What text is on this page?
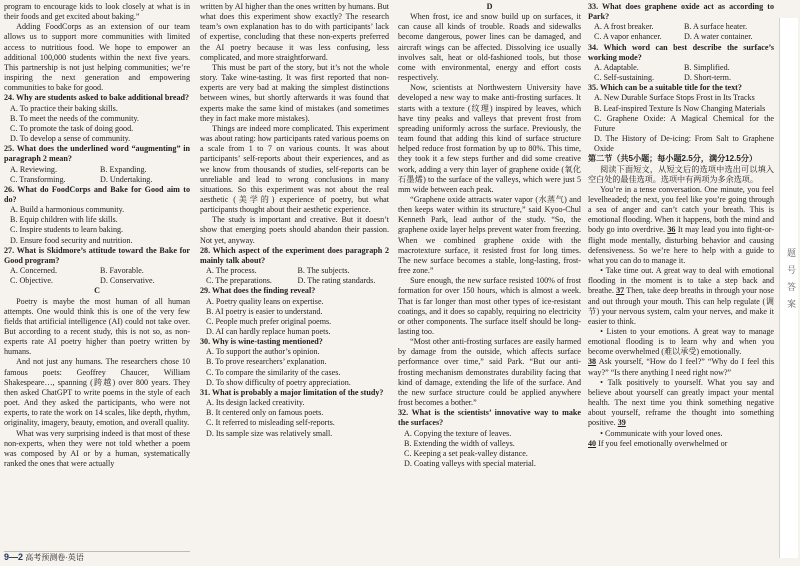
program to encourage kids to look closely at what is in their foods and get excited about baking.”

Adding FoodCorps as an extension of our team allows us to support more communities with limited access to nutritious food. We hope to empower an additional 100,000 students within the next five years. This partnership is not just helping communities; we’re inspiring the next generation and empowering communities to bake for good.

24. Why are students asked to bake additional bread?

A. To practice their baking skills.

B. To meet the needs of the community.

C. To promote the task of doing good.

D. To develop a sense of community.

25. What does the underlined word “augmenting” in paragraph 2 mean?

A. Reviewing.	B. Expanding.
C. Transforming.	D. Undertaking.

26. What do FoodCorps and Bake for Good aim to do?

A. Build a harmonious community.

B. Equip children with life skills.

C. Inspire students to learn baking.

D. Ensure food security and nutrition.

27. What is Skidmore’s attitude toward the Bake for Good program?

A. Concerned.	B. Favorable.
C. Objective.	D. Conservative.

C

Poetry is maybe the most human of all human attempts. One would think this is one of the very few fields that artificial intelligence (AI) could not take over. But according to a recent study, this is not so, as non-experts rate AI poetry higher than poetry written by humans.

And not just any humans. The researchers chose 10 famous poets: Geoffrey Chaucer, William Shakespeare…, spanning (跨越) over 800 years. They then asked ChatGPT to write poems in the style of each poet. And they asked the participants, who were not experts, to rate the work on 14 scales, like depth, rhythm, originality, imagery, beauty, emotion, and overall quality.

What was very surprising indeed is that most of these non-experts, when they were not told whether a poem was composed by AI or by a human, systematically ranked the ones that were actually

written by AI higher than the ones written by humans. But what does this experiment show exactly? The research team’s own explanation has to do with participants’ lack of expertise, concluding that these non-experts preferred the AI poetry because it was less confusing, less complicated, and more straightforward.

This must be part of the story, but it’s not the whole story. Take wine-tasting. It was first reported that non-experts are very bad at making the simplest distinctions between wines, but shortly afterwards it was found that experts make the same kind of mistakes (and sometimes they in fact make more mistakes).

Things are indeed more complicated. This experiment was about rating: how participants rated various poems on a scale from 1 to 7 on various counts. It was about participants’ self-reports about their experiences, and as we know from thousands of studies, self-reports can be unreliable and lead to wrong conclusions in many situations. So this experiment was not about the real aesthetic (美学的) experience of poetry, but what participants thought about their aesthetic experience.

The study is important and creative. But it doesn’t show that emerging poets should abandon their passion. Not yet, anyway.

28. Which aspect of the experiment does paragraph 2 mainly talk about?

A. The process.	B. The subjects.
C. The preparations.	D. The rating standards.

29. What does the finding reveal?

A. Poetry quality leans on expertise.

B. AI poetry is easier to understand.

C. People much prefer original poems.

D. AI can hardly replace human poets.

30. Why is wine-tasting mentioned?

A. To support the author’s opinion.

B. To prove researchers’ explanation.

C. To compare the similarity of the cases.

D. To show difficulty of poetry appreciation.

31. What is probably a major limitation of the study?

A. Its design lacked creativity.

B. It centered only on famous poets.

C. It referred to misleading self-reports.

D. Its sample size was relatively small.

D

When frost, ice and snow build up on surfaces, it can cause all kinds of trouble. Roads and sidewalks become dangerous, power lines can be damaged, and aircraft wings can be affected. Dissolving ice usually involves salt, heat or old-fashioned tools, but those come with environmental, energy and effort costs respectively.

Now, scientists at Northwestern University have developed a new way to make anti-frosting surfaces. It starts with a texture (纹理) inspired by leaves, which have tiny peaks and valleys that prevent frost from spreading uniformly across the surface. Previously, the team found that adding this kind of surface structure helped reduce frost formation by up to 80%. This time, they took it a few steps further and did some creative work, adding a very thin layer of graphene oxide (氧化石墨烯) to the surface of the valleys, which were just 5 mm wide between each peak.

“Graphene oxide attracts water vapor (水蒸气) and then keeps water within its structure,” said Kyoo-Chul Kenneth Park, lead author of the study. “So, the graphene oxide layer helps prevent water from freezing. When we combined graphene oxide with the macrotexture surface, it resisted frost for long times. The new surface becomes a stable, long-lasting, frost-free zone.”

Sure enough, the new surface resisted 100% of frost formation for over 150 hours, which is almost a week. That is far longer than most other types of ice-resistant coatings, and it does so capably, requiring no electricity or other components. The surface itself should be long-lasting too.

“Most other anti-frosting surfaces are easily harmed by damage from the outside, which affects surface performance over time,” said Park. “But our anti-frosting mechanism demonstrates durability facing that kind of damage, extending the life of the surface. And the new surface structure could be applied anywhere frost becomes a bother.”

32. What is the scientists’ innovative way to make the surfaces?

A. Copying the texture of leaves.

B. Extending the width of valleys.

C. Keeping a set peak-valley distance.

D. Coating valleys with special material.

33. What does graphene oxide act as according to Park?

A. A frost breaker.	B. A surface heater.
C. A vapor enhancer.	D. A water container.

34. Which word can best describe the surface’s working mode?

A. Adaptable.	B. Simplified.
C. Self-sustaining.	D. Short-term.

35. Which can be a suitable title for the text?

A. New Durable Surface Stops Frost in Its Tracks

B. Leaf-inspired Texture Is Now Changing Materials

C. Graphene Oxide: A Magical Chemical for the Future

D. The History of De-icing: From Salt to Graphene Oxide

第二节（共5小题；每小题2.5分，满分12.5分）

阅读下面短文，从短文后的选项中选出可以填入空白处的最佳选项。选项中有两项为多余选项。

You’re in a tense conversation. One minute, you feel levelheaded; the next, you feel like you’re going through a sea of anger and can’t catch your breath. This is emotional flooding. When it happens, both the mind and body go into overdrive. 36 It may lead you into fight-or-flight mode mentally, disturbing behavior and causing defensiveness. So we’re here to help with a guide to what you can do to manage it.

• Take time out. A great way to deal with emotional flooding in the moment is to take a step back and breathe. 37 Then, take deep breaths in through your nose and out through your mouth. This can help regulate (调节) your nervous system, calm your nerves, and make it easier to think.

• Listen to your emotions. A great way to manage emotional flooding is to learn why and when you become overwhelmed (难以承受) emotionally.

38 Ask yourself, “How do I feel?” “Why do I feel this way?” “Is there anything I need right now?”

• Talk positively to yourself. What you say and believe about yourself can greatly impact your mental health. The next time you think something negative about yourself, reframe the thought into something positive. 39

• Communicate with your loved ones.

40 If you feel emotionally overwhelmed or

题号答案
9—2 高考预测卷·英语
